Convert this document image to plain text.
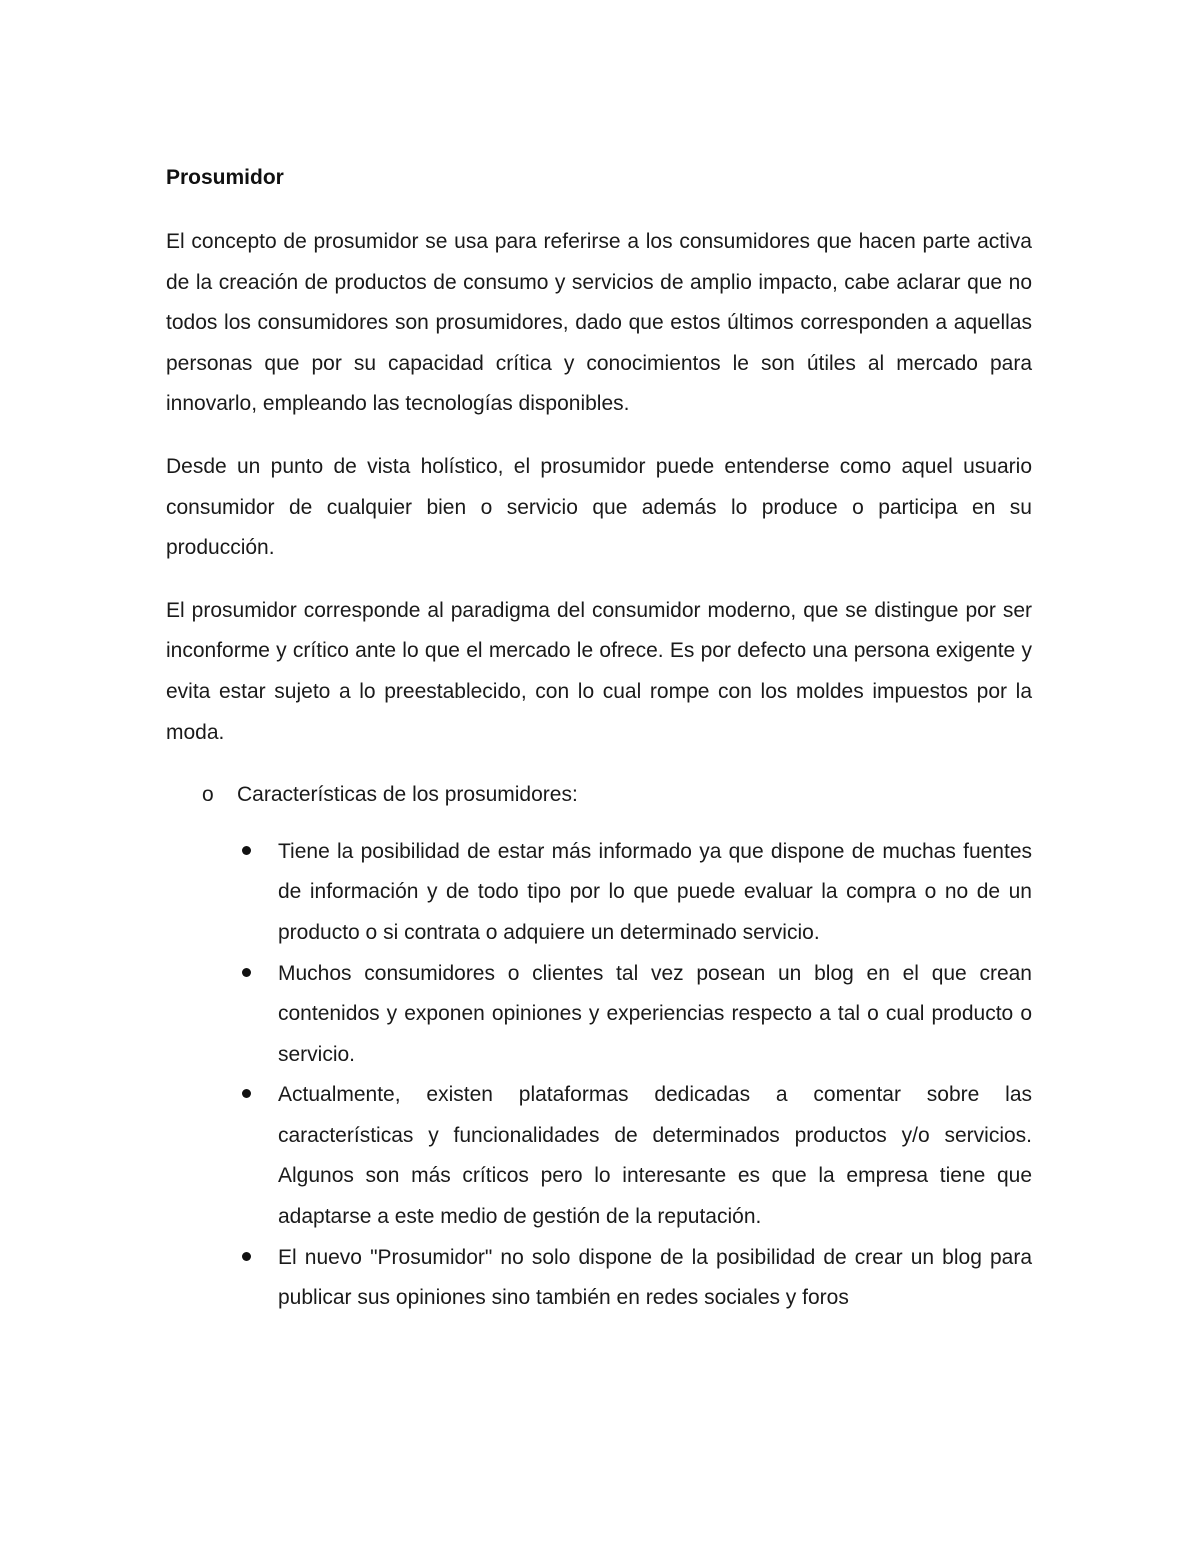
Prosumidor

El concepto de prosumidor se usa para referirse a los consumidores que hacen parte activa de la creación de productos de consumo y servicios de amplio impacto, cabe aclarar que no todos los consumidores son prosumidores, dado que estos últimos corresponden a aquellas personas que por su capacidad crítica y conocimientos le son útiles al mercado para innovarlo, empleando las tecnologías disponibles.

Desde un punto de vista holístico, el prosumidor puede entenderse como aquel usuario consumidor de cualquier bien o servicio que además lo produce o participa en su producción.

El prosumidor corresponde al paradigma del consumidor moderno, que se distingue por ser inconforme y crítico ante lo que el mercado le ofrece. Es por defecto una persona exigente y evita estar sujeto a lo preestablecido, con lo cual rompe con los moldes impuestos por la moda.

o Características de los prosumidores:
Tiene la posibilidad de estar más informado ya que dispone de muchas fuentes de información y de todo tipo por lo que puede evaluar la compra o no de un producto o si contrata o adquiere un determinado servicio.
Muchos consumidores o clientes tal vez posean un blog en el que crean contenidos y exponen opiniones y experiencias respecto a tal o cual producto o servicio.
Actualmente, existen plataformas dedicadas a comentar sobre las características y funcionalidades de determinados productos y/o servicios. Algunos son más críticos pero lo interesante es que la empresa tiene que adaptarse a este medio de gestión de la reputación.
El nuevo "Prosumidor" no solo dispone de la posibilidad de crear un blog para publicar sus opiniones sino también en redes sociales y foros
